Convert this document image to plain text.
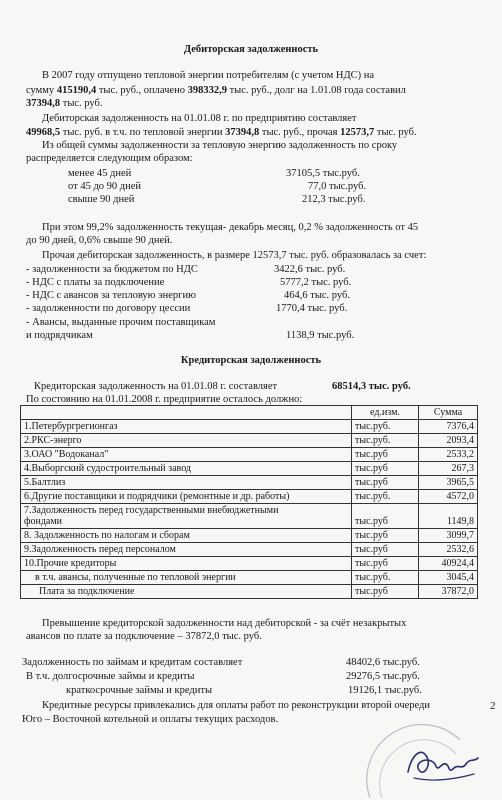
Дебиторская задолженность
В 2007 году отпущено тепловой энергии потребителям (с учетом НДС) на
сумму 415190,4 тыс. руб., оплачено 398332,9 тыс. руб., долг на 1.01.08 года составил
37394,8 тыс. руб.
Дебиторская задолженность на 01.01.08 г. по предприятию составляет
49968,5 тыс. руб. в т.ч. по тепловой энергии 37394,8 тыс. руб., прочая 12573,7 тыс. руб.
Из общей суммы задолженности за тепловую энергию задолженность по сроку
распределяется следующим образом:
менее 45 дней	37105,5 тыс.руб.
от 45 до 90 дней	77,0 тыс.руб.
свыше 90 дней	212,3 тыс.руб.
При этом 99,2% задолженность текущая- декабрь месяц, 0,2 % задолженность от 45
до 90 дней, 0,6% свыше 90 дней.
Прочая дебиторская задолженность, в размере 12573,7 тыс. руб. образовалась за счет:
- задолженности за бюджетом по НДС	3422,6 тыс. руб.
- НДС с платы за подключение	5777,2 тыс. руб.
- НДС с авансов за тепловую энергию	464,6 тыс. руб.
- задолженности по договору цессии	1770,4 тыс. руб.
- Авансы, выданные прочим поставщикам
и подрядчикам	1138,9 тыс.руб.
Кредиторская задолженность
Кредиторская задолженность на 01.01.08 г. составляет	68514,3 тыс. руб.
По состоянию на 01.01.2008 г. предприятие осталось должно:
	ед.изм.	Сумма
1.Петербургрегионгаз	тыс.руб.	7376,4
2.РКС-энерго	тыс.руб.	2093,4
3.ОАО "Водоканал"	тыс.руб	2533,2
4.Выборгский судостроительный завод	тыс.руб	267,3
5.Балтлиз	тыс.руб	3965,5
6.Другие поставщики и подрядчики (ремонтные и др. работы)	тыс.руб.	4572,0
7.Задолженность перед государственными внебюджетными фондами	тыс.руб	1149,8
8. Задолженность по налогам и сборам	тыс.руб	3099,7
9.Задолженность перед персоналом	тыс.руб	2532,6
10.Прочие кредиторы	тыс.руб	40924,4
в т.ч. авансы, полученные по тепловой энергии	тыс.руб.	3045,4
Плата за подключение	тыс.руб	37872,0
Превышение кредиторской задолженности над дебиторской - за счёт незакрытых
авансов по плате за подключение – 37872,0 тыс. руб.
Задолженность по займам и кредитам составляет	48402,6 тыс.руб.
В т.ч. долгосрочные займы и кредиты	29276,5 тыс.руб.
краткосрочные займы и кредиты	19126,1 тыс.руб.
Кредитные ресурсы привлекались для оплаты работ по реконструкции второй очереди
Юго – Восточной котельной и оплаты текущих расходов.
2
